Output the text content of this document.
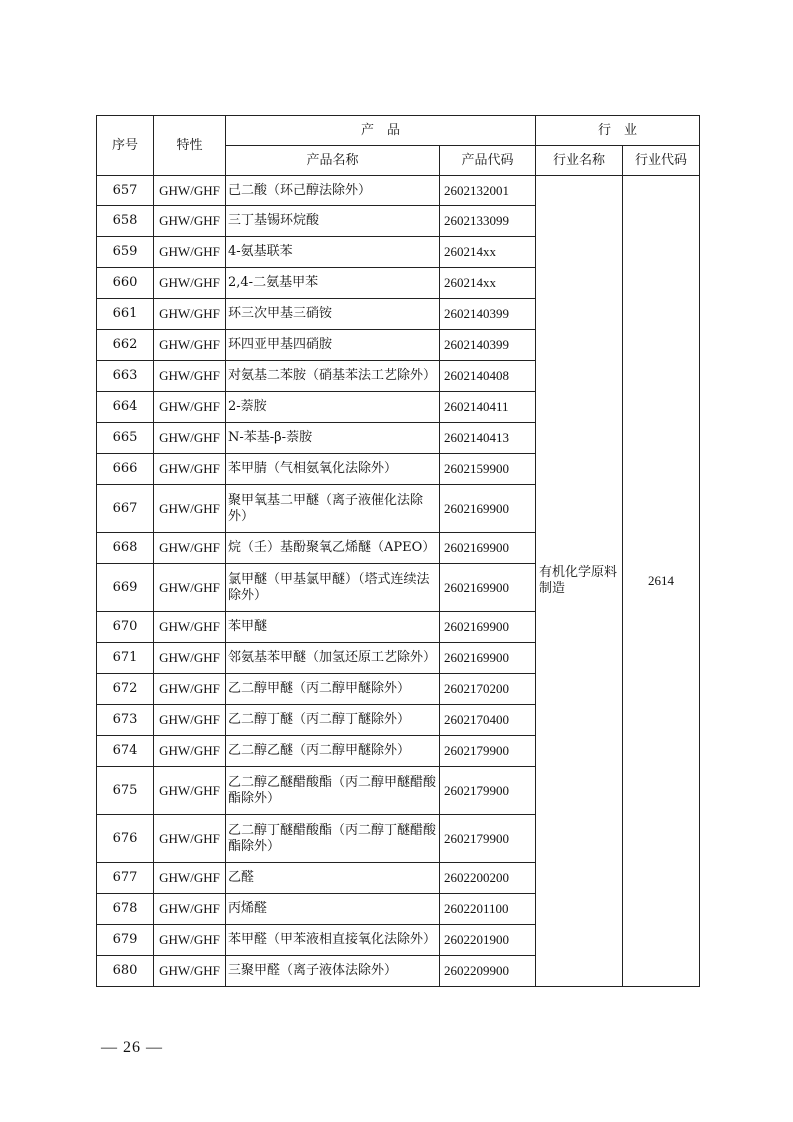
序号	特性	产　品		行　业	
		产品名称	产品代码	行业名称	行业代码
657	GHW/GHF	己二酸（环己醇法除外）	2602132001	有机化学原料制造	2614
658	GHW/GHF	三丁基锡环烷酸	2602133099		
659	GHW/GHF	4-氨基联苯	260214xx		
660	GHW/GHF	2,4-二氨基甲苯	260214xx		
661	GHW/GHF	环三次甲基三硝铵	2602140399		
662	GHW/GHF	环四亚甲基四硝胺	2602140399		
663	GHW/GHF	对氨基二苯胺（硝基苯法工艺除外）	2602140408		
664	GHW/GHF	2-萘胺	2602140411		
665	GHW/GHF	N-苯基-β-萘胺	2602140413		
666	GHW/GHF	苯甲腈（气相氨氧化法除外）	2602159900		
667	GHW/GHF	聚甲氧基二甲醚（离子液催化法除外）	2602169900		
668	GHW/GHF	烷（壬）基酚聚氧乙烯醚（APEO）	2602169900		
669	GHW/GHF	氯甲醚（甲基氯甲醚）（塔式连续法除外）	2602169900		
670	GHW/GHF	苯甲醚	2602169900		
671	GHW/GHF	邻氨基苯甲醚（加氢还原工艺除外）	2602169900		
672	GHW/GHF	乙二醇甲醚（丙二醇甲醚除外）	2602170200		
673	GHW/GHF	乙二醇丁醚（丙二醇丁醚除外）	2602170400		
674	GHW/GHF	乙二醇乙醚（丙二醇甲醚除外）	2602179900		
675	GHW/GHF	乙二醇乙醚醋酸酯（丙二醇甲醚醋酸酯除外）	2602179900		
676	GHW/GHF	乙二醇丁醚醋酸酯（丙二醇丁醚醋酸酯除外）	2602179900		
677	GHW/GHF	乙醛	2602200200		
678	GHW/GHF	丙烯醛	2602201100		
679	GHW/GHF	苯甲醛（甲苯液相直接氧化法除外）	2602201900		
680	GHW/GHF	三聚甲醛（离子液体法除外）	2602209900		
— 26 —
